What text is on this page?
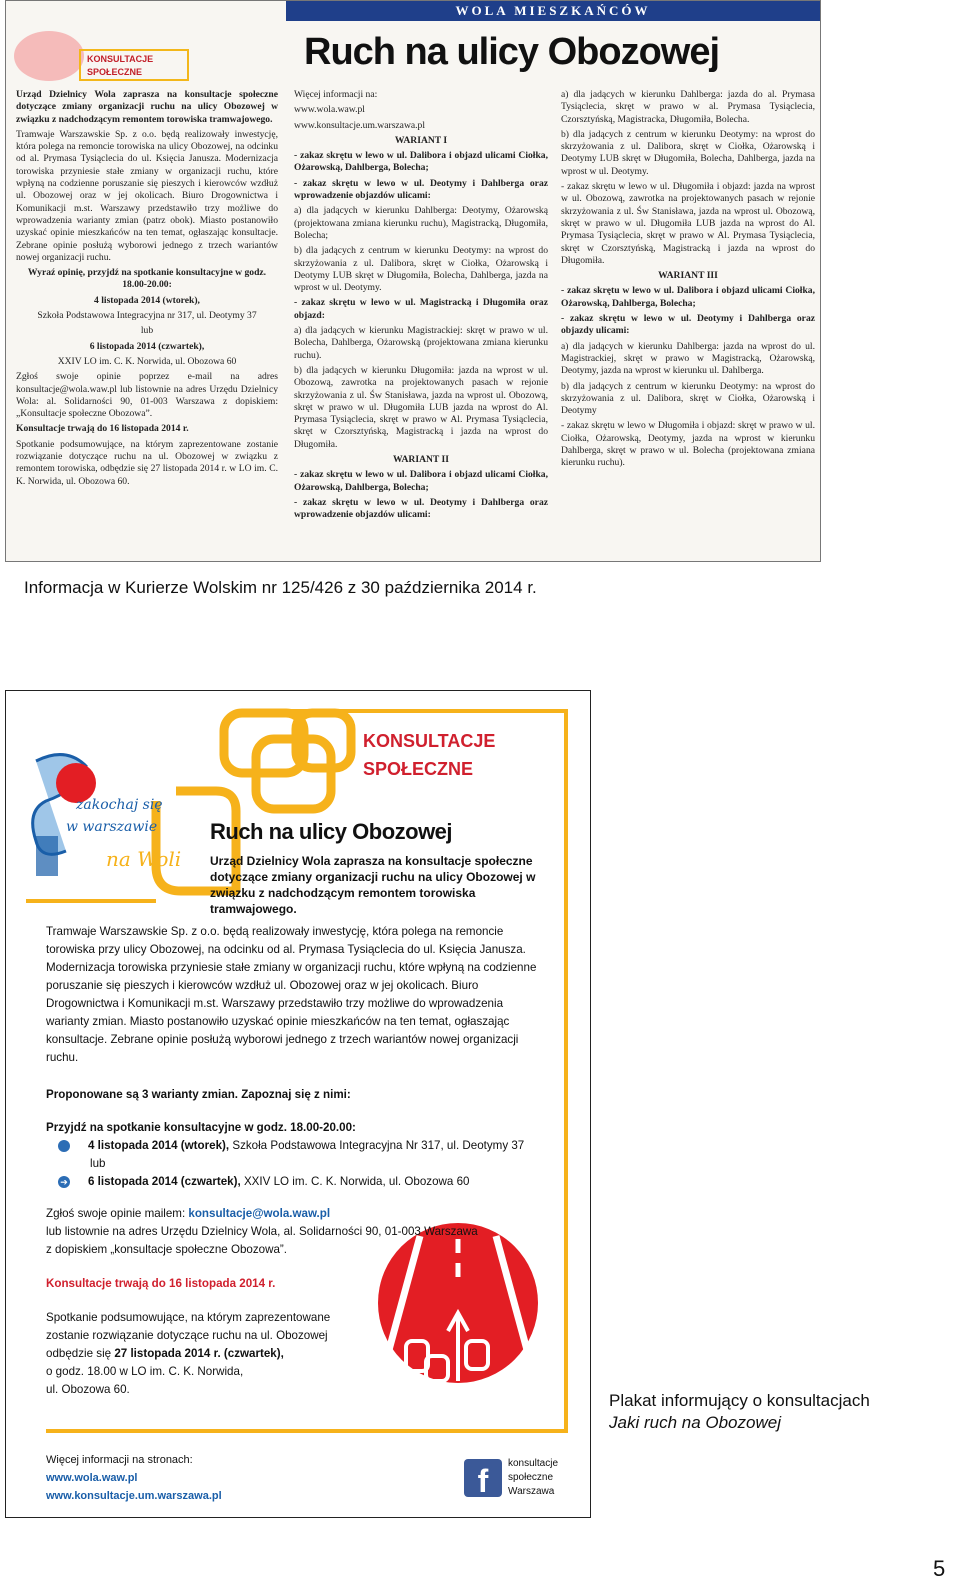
WOLA MIESZKAŃCÓW
KONSULTACJE
SPOŁECZNE	Ruch na ulicy Obozowej

Urząd Dzielnicy Wola zaprasza na konsultacje społeczne dotyczące zmiany organizacji ruchu na ulicy Obozowej w związku z nadchodzącym remontem torowiska tramwajowego.

Tramwaje Warszawskie Sp. z o.o. będą realizowały inwestycję, która polega na remoncie torowiska na ulicy Obozowej, na odcinku od al. Prymasa Tysiąclecia do ul. Księcia Janusza. Modernizacja torowiska przyniesie stałe zmiany w organizacji ruchu, które wpłyną na codzienne poruszanie się pieszych i kierowców wzdłuż ul. Obozowej oraz w jej okolicach. Biuro Drogownictwa i Komunikacji m.st. Warszawy przedstawiło trzy możliwe do wprowadzenia warianty zmian (patrz obok). Miasto postanowiło uzyskać opinie mieszkańców na ten temat, ogłaszając konsultacje. Zebrane opinie posłużą wyborowi jednego z trzech wariantów nowej organizacji ruchu.

Wyraź opinię, przyjdź na spotkanie konsultacyjne w godz. 18.00-20.00:

4 listopada 2014 (wtorek),

Szkoła Podstawowa Integracyjna nr 317, ul. Deotymy 37

lub

6 listopada 2014 (czwartek),

XXIV LO im. C. K. Norwida, ul. Obozowa 60

Zgłoś swoje opinie poprzez e-mail na adres konsultacje@wola.waw.pl lub listownie na adres Urzędu Dzielnicy Wola: al. Solidarności 90, 01-003 Warszawa z dopiskiem: „Konsultacje społeczne Obozowa”.

Konsultacje trwają do 16 listopada 2014 r.

Spotkanie podsumowujące, na którym zaprezentowane zostanie rozwiązanie dotyczące ruchu na ul. Obozowej w związku z remontem torowiska, odbędzie się 27 listopada 2014 r. w LO im. C. K. Norwida, ul. Obozowa 60.

Więcej informacji na:

www.wola.waw.pl

www.konsultacje.um.warszawa.pl

WARIANT I

- zakaz skrętu w lewo w ul. Dalibora i objazd ulicami Ciołka, Ożarowską, Dahlberga, Bolecha;

- zakaz skrętu w lewo w ul. Deotymy i Dahlberga oraz wprowadzenie objazdów ulicami:

a) dla jadących w kierunku Dahlberga: Deotymy, Ożarowską (projektowana zmiana kierunku ruchu), Magistracką, Długomiła, Bolecha;

b) dla jadących z centrum w kierunku Deotymy: na wprost do skrzyżowania z ul. Dalibora, skręt w Ciołka, Ożarowską i Deotymy LUB skręt w Długomiła, Bolecha, Dahlberga, jazda na wprost w ul. Deotymy.

- zakaz skrętu w lewo w ul. Magistracką i Długomiła oraz objazd:

a) dla jadących w kierunku Magistrackiej: skręt w prawo w ul. Bolecha, Dahlberga, Ożarowską (projektowana zmiana kierunku ruchu).

b) dla jadących w kierunku Długomiła: jazda na wprost w ul. Obozową, zawrotka na projektowanych pasach w rejonie skrzyżowania z ul. Św Stanisława, jazda na wprost ul. Obozową, skręt w prawo w ul. Długomiła LUB jazda na wprost do Al. Prymasa Tysiąclecia, skręt w prawo w Al. Prymasa Tysiąclecia, skręt w Czorsztyńską, Magistracką i jazda na wprost do Długomiła.

WARIANT II

- zakaz skrętu w lewo w ul. Dalibora i objazd ulicami Ciołka, Ożarowską, Dahlberga, Bolecha;

- zakaz skrętu w lewo w ul. Deotymy i Dahlberga oraz wprowadzenie objazdów ulicami:

a) dla jadących w kierunku Dahlberga: jazda do al. Prymasa Tysiąclecia, skręt w prawo w al. Prymasa Tysiąclecia, Czorsztyńską, Magistracka, Długomiła, Bolecha.

b) dla jadących z centrum w kierunku Deotymy: na wprost do skrzyżowania z ul. Dalibora, skręt w Ciołka, Ożarowską i Deotymy LUB skręt w Długomiła, Bolecha, Dahlberga, jazda na wprost w ul. Deotymy.

- zakaz skrętu w lewo w ul. Długomiła i objazd: jazda na wprost w ul. Obozową, zawrotka na projektowanych pasach w rejonie skrzyżowania z ul. Św Stanisława, jazda na wprost ul. Obozową, skręt w prawo w ul. Długomiła LUB jazda na wprost do Al. Prymasa Tysiąclecia, skręt w prawo w Al. Prymasa Tysiąclecia, skręt w Czorsztyńską, Magistracką i jazda na wprost do Długomiła.

WARIANT III

- zakaz skrętu w lewo w ul. Dalibora i objazd ulicami Ciołka, Ożarowską, Dahlberga, Bolecha;

- zakaz skrętu w lewo w ul. Deotymy i Dahlberga oraz objazdy ulicami:

a) dla jadących w kierunku Dahlberga: jazda na wprost do ul. Magistrackiej, skręt w prawo w Magistracką, Ożarowską, Deotymy, jazda na wprost w kierunku ul. Dahlberga.

b) dla jadących z centrum w kierunku Deotymy: na wprost do skrzyżowania z ul. Dalibora, skręt w Ciołka, Ożarowską i Deotymy

- zakaz skrętu w lewo w Długomiła i objazd: skręt w prawo w ul. Ciołka, Ożarowską, Deotymy, jazda na wprost w kierunku Dahlberga, skręt w prawo w ul. Bolecha (projektowana zmiana kierunku ruchu).

Informacja w Kurierze Wolskim nr 125/426 z 30 października 2014 r.
zakochaj się
w warszawie
na Woli
KONSULTACJE
SPOŁECZNE
Ruch na ulicy Obozowej
Urząd Dzielnicy Wola zaprasza na konsultacje społeczne dotyczące zmiany organizacji ruchu na ulicy Obozowej w związku z nadchodzącym remontem torowiska tramwajowego.

Tramwaje Warszawskie Sp. z o.o. będą realizowały inwestycję, która polega na remoncie torowiska przy ulicy Obozowej, na odcinku od al. Prymasa Tysiąclecia do ul. Księcia Janusza. Modernizacja torowiska przyniesie stałe zmiany w organizacji ruchu, które wpłyną na codzienne poruszanie się pieszych i kierowców wzdłuż ul. Obozowej oraz w jej okolicach. Biuro Drogownictwa i Komunikacji m.st. Warszawy przedstawiło trzy możliwe do wprowadzenia warianty zmian. Miasto postanowiło uzyskać opinie mieszkańców na ten temat, ogłaszając konsultacje. Zebrane opinie posłużą wyborowi jednego z trzech wariantów nowej organizacji ruchu.

Proponowane są 3 warianty zmian. Zapoznaj się z nimi:
Przyjdź na spotkanie konsultacyjne w godz. 18.00-20.00:
➔	4 listopada 2014 (wtorek), Szkoła Podstawowa Integracyjna Nr 317, ul. Deotymy 37
lub
➔ 6 listopada 2014 (czwartek), XXIV LO im. C. K. Norwida, ul. Obozowa 60
Zgłoś swoje opinie mailem: konsultacje@wola.waw.pl
lub listownie na adres Urzędu Dzielnicy Wola, al. Solidarności 90, 01-003 Warszawa
z dopiskiem „konsultacje społeczne Obozowa”.
Konsultacje trwają do 16 listopada 2014 r.
Spotkanie podsumowujące, na którym zaprezentowane
zostanie rozwiązanie dotyczące ruchu na ul. Obozowej
odbędzie się 27 listopada 2014 r. (czwartek),
o godz. 18.00 w LO im. C. K. Norwida,
ul. Obozowa 60.
Więcej informacji na stronach:
www.wola.waw.pl
www.konsultacje.um.warszawa.pl	f	konsultacje
społeczne
Warszawa
Plakat informujący o konsultacjach
Jaki ruch na Obozowej
5
